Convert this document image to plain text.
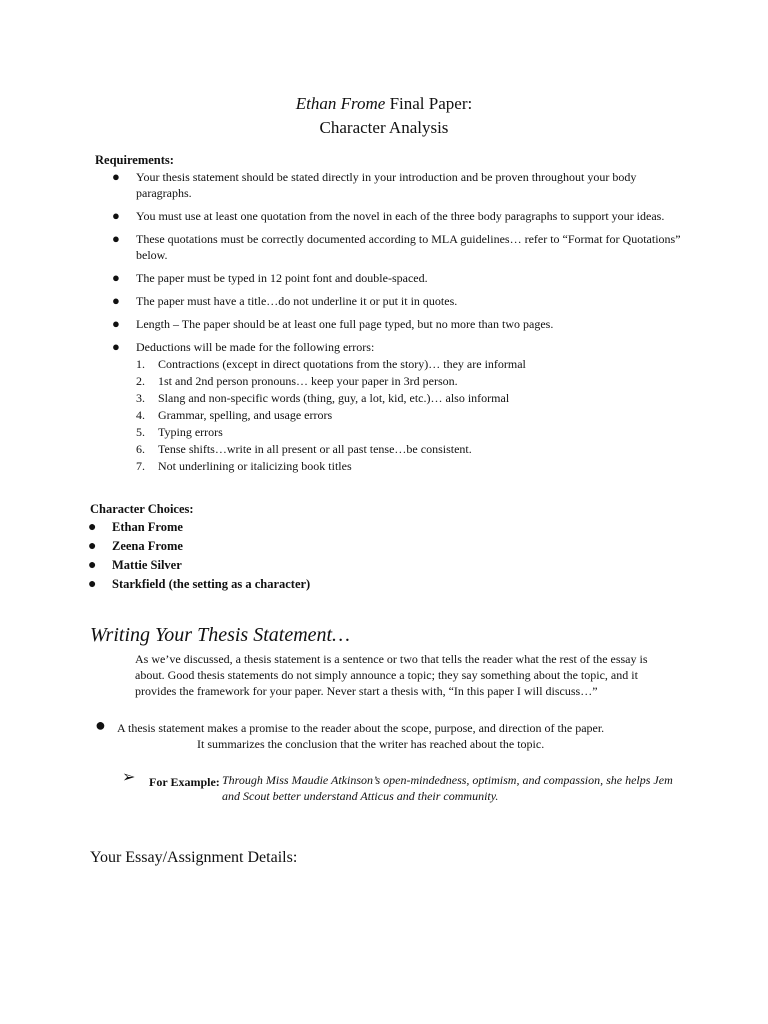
Ethan Frome Final Paper:
Character Analysis
Requirements:
● Your thesis statement should be stated directly in your introduction and be proven throughout your body paragraphs.
● You must use at least one quotation from the novel in each of the three body paragraphs to support your ideas.
● These quotations must be correctly documented according to MLA guidelines… refer to “Format for Quotations” below.
● The paper must be typed in 12 point font and double-spaced.
● The paper must have a title…do not underline it or put it in quotes.
● Length – The paper should be at least one full page typed, but no more than two pages.
● Deductions will be made for the following errors:
1. Contractions (except in direct quotations from the story)… they are informal
2. 1st and 2nd person pronouns… keep your paper in 3rd person.
3. Slang and non-specific words (thing, guy, a lot, kid, etc.)… also informal
4. Grammar, spelling, and usage errors
5. Typing errors
6. Tense shifts…write in all present or all past tense…be consistent.
7. Not underlining or italicizing book titles
Character Choices:
● Ethan Frome
● Zeena Frome
● Mattie Silver
● Starkfield (the setting as a character)
Writing Your Thesis Statement…
As we’ve discussed, a thesis statement is a sentence or two that tells the reader what the rest of the essay is about. Good thesis statements do not simply announce a topic; they say something about the topic, and it provides the framework for your paper. Never start a thesis with, “In this paper I will discuss…”
● A thesis statement makes a promise to the reader about the scope, purpose, and direction of the paper.
It summarizes the conclusion that the writer has reached about the topic.
➢ For Example: Through Miss Maudie Atkinson’s open-mindedness, optimism, and compassion, she helps Jem and Scout better understand Atticus and their community.
Your Essay/Assignment Details:
